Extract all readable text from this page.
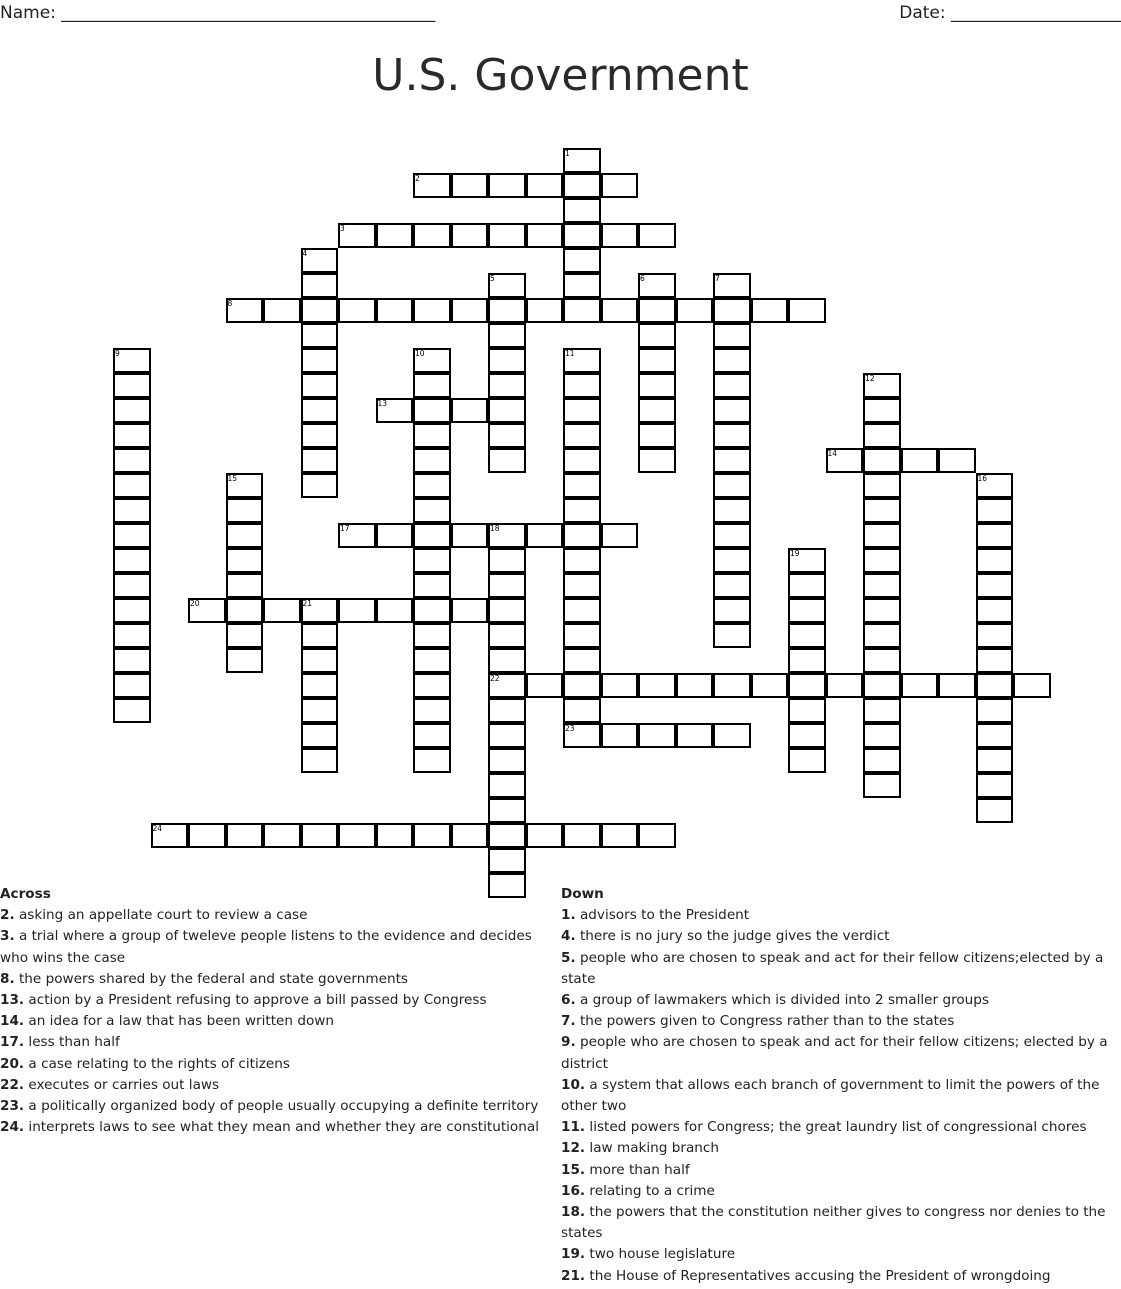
Name: ____________________________________________	Date: ____________________
U.S. Government
1
2
3
4
5	6	7
8
9	10	11
12
13
14
15	16
17	18
19
20	21
22
23
24
Across
2. asking an appellate court to review a case
3. a trial where a group of tweleve people listens to the evidence and decides who wins the case
8. the powers shared by the federal and state governments
13. action by a President refusing to approve a bill passed by Congress
14. an idea for a law that has been written down
17. less than half
20. a case relating to the rights of citizens
22. executes or carries out laws
23. a politically organized body of people usually occupying a definite territory
24. interprets laws to see what they mean and whether they are constitutional
Down
1. advisors to the President
4. there is no jury so the judge gives the verdict
5. people who are chosen to speak and act for their fellow citizens;elected by a state
6. a group of lawmakers which is divided into 2 smaller groups
7. the powers given to Congress rather than to the states
9. people who are chosen to speak and act for their fellow citizens; elected by a district
10. a system that allows each branch of government to limit the powers of the other two
11. listed powers for Congress; the great laundry list of congressional chores
12. law making branch
15. more than half
16. relating to a crime
18. the powers that the constitution neither gives to congress nor denies to the states
19. two house legislature
21. the House of Representatives accusing the President of wrongdoing
